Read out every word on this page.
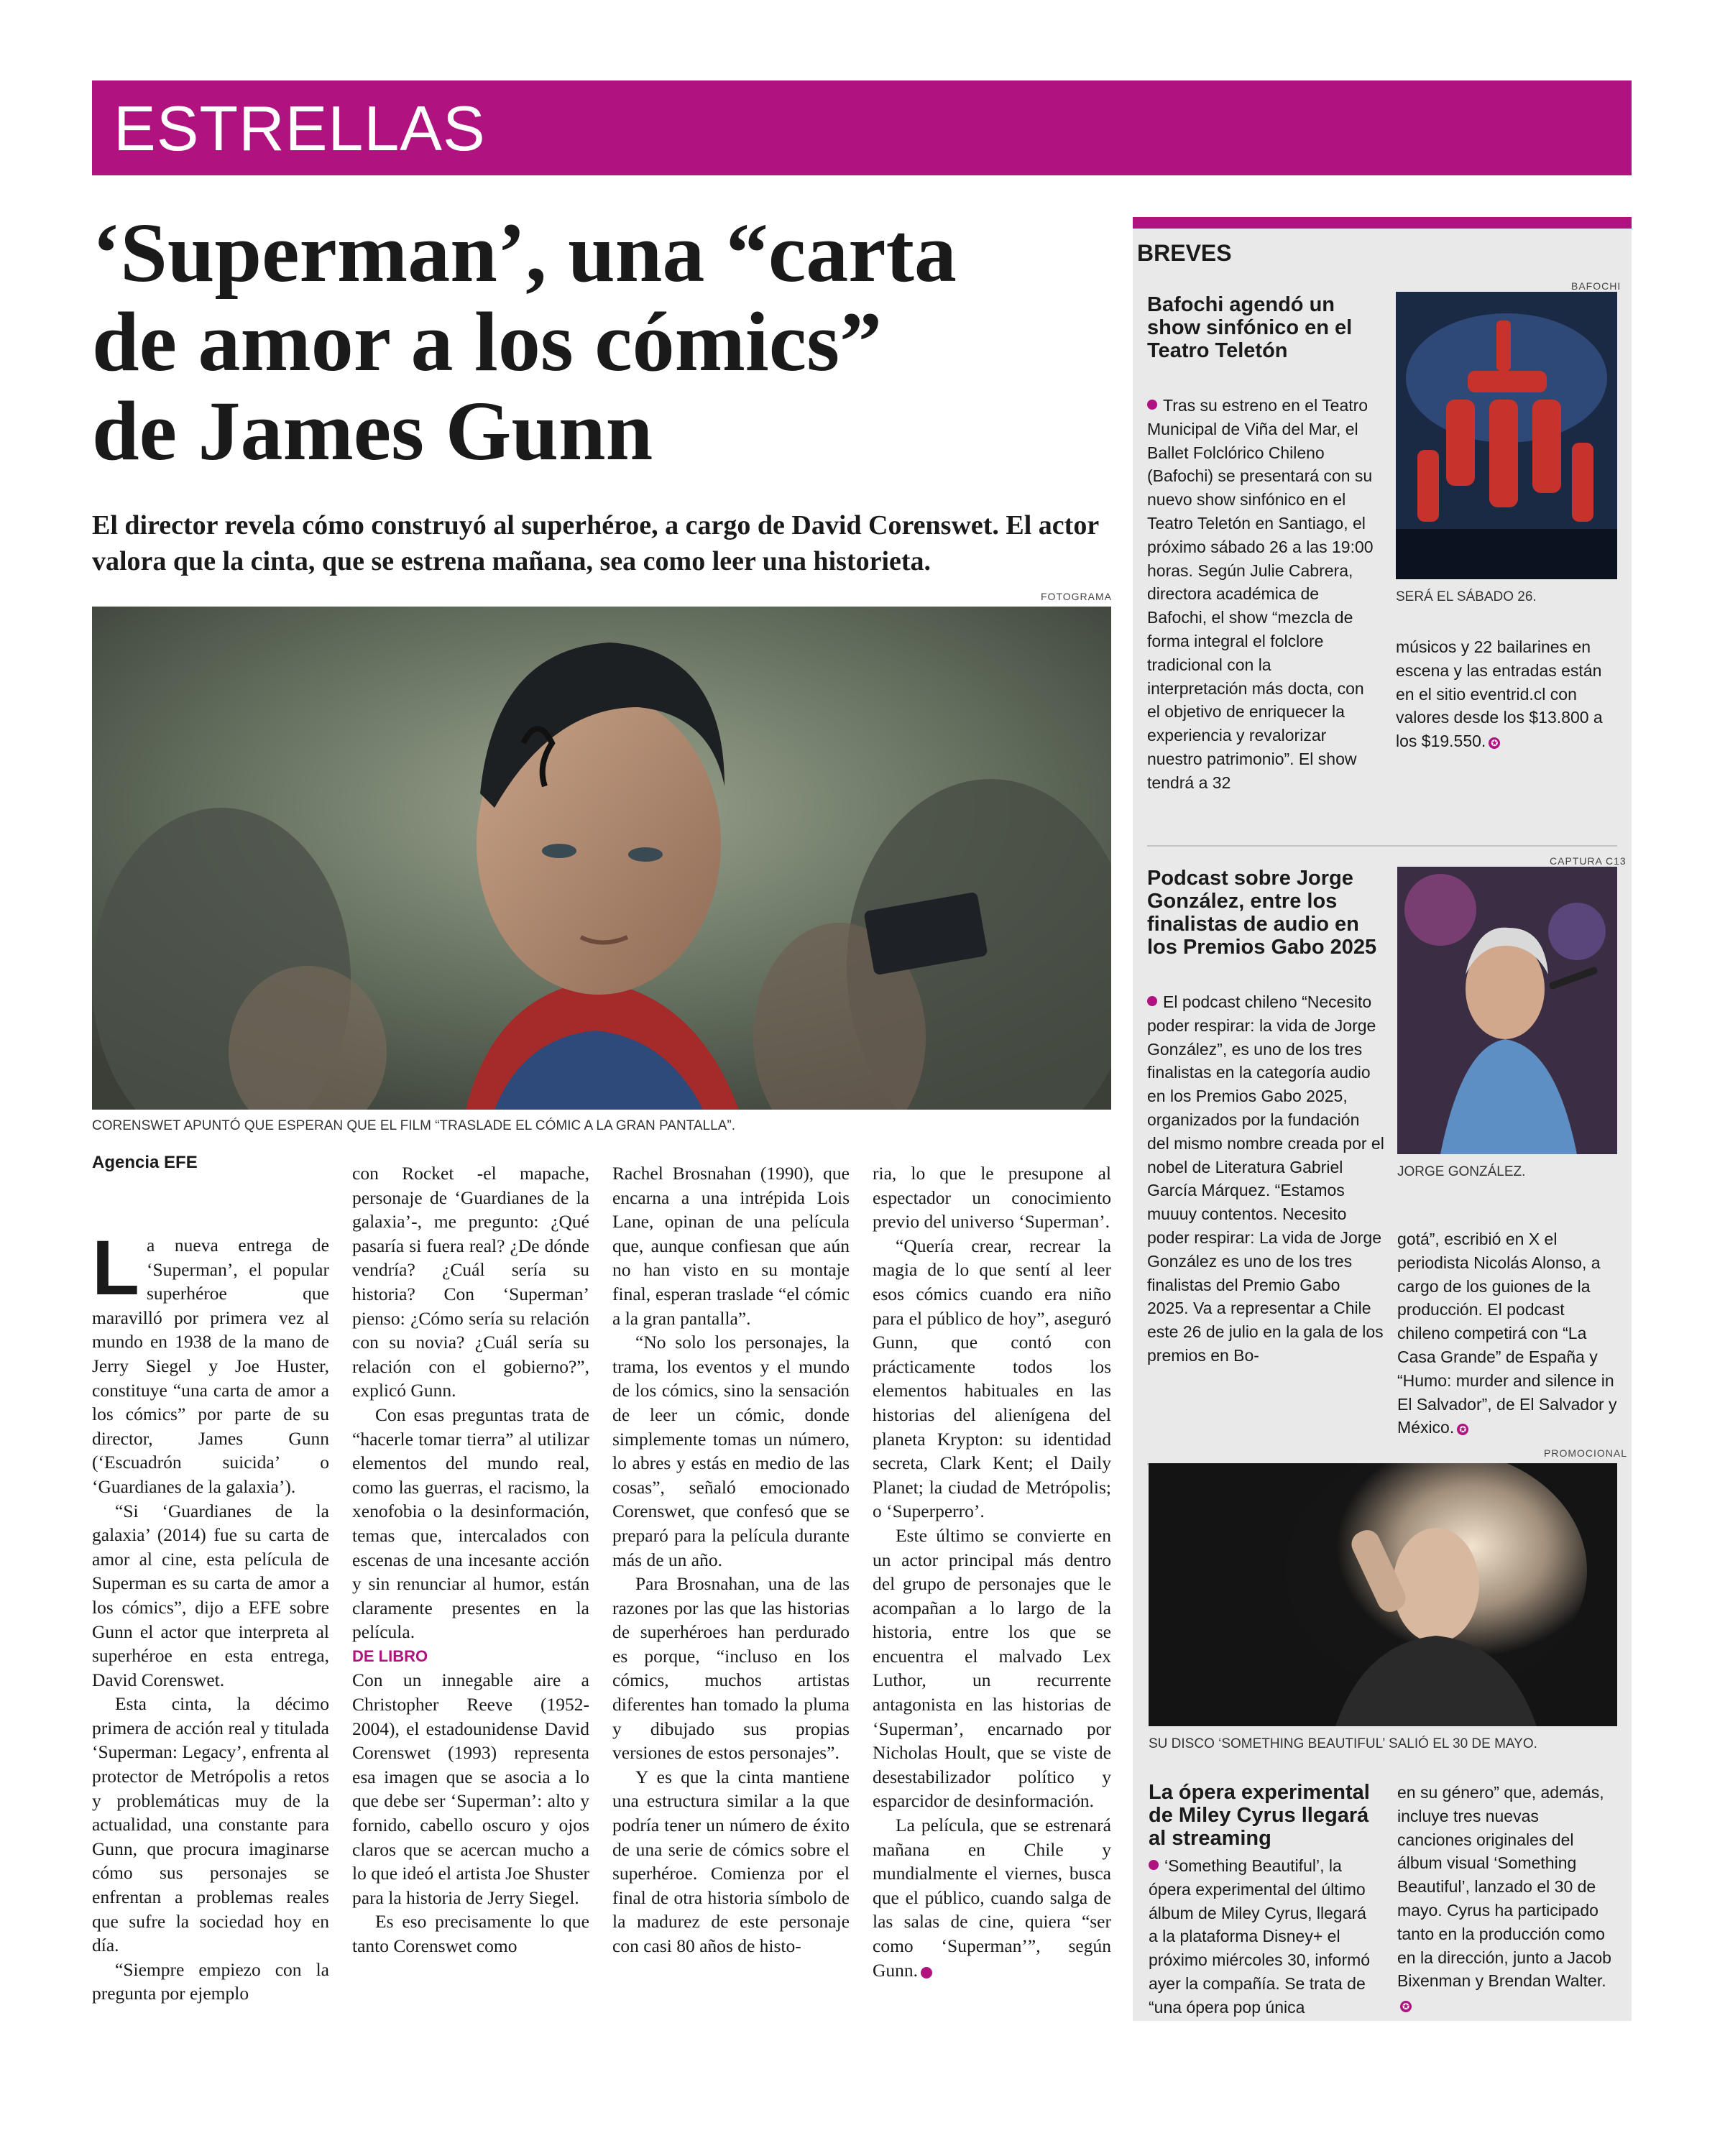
ESTRELLAS
‘Superman’, una “carta
de amor a los cómics”
de James Gunn

El director revela cómo construyó al superhéroe, a cargo de David Corenswet. El actor valora que la cinta, que se estrena mañana, sea como leer una historieta.

FOTOGRAMA
CORENSWET APUNTÓ QUE ESPERAN QUE EL FILM “TRASLADE EL CÓMIC A LA GRAN PANTALLA”.
Agencia EFE

La nueva entrega de ‘Superman’, el popular superhéroe que maravilló por primera vez al mundo en 1938 de la mano de Jerry Siegel y Joe Huster, constituye “una carta de amor a los cómics” por parte de su director, James Gunn (‘Escuadrón suicida’ o ‘Guardianes de la galaxia’).

“Si ‘Guardianes de la galaxia’ (2014) fue su carta de amor al cine, esta película de Superman es su carta de amor a los cómics”, dijo a EFE sobre Gunn el actor que interpreta al superhéroe en esta entrega, David Corenswet.

Esta cinta, la décimo primera de acción real y titulada ‘Superman: Legacy’, enfrenta al protector de Metrópolis a retos y problemáticas muy de la actualidad, una constante para Gunn, que procura imaginarse cómo sus personajes se enfrentan a problemas reales que sufre la sociedad hoy en día.

“Siempre empiezo con la pregunta por ejemplo

con Rocket -el mapache, personaje de ‘Guardianes de la galaxia’-, me pregunto: ¿Qué pasaría si fuera real? ¿De dónde vendría? ¿Cuál sería su historia? Con ‘Superman’ pienso: ¿Cómo sería su relación con su novia? ¿Cuál sería su relación con el gobierno?”, explicó Gunn.

Con esas preguntas trata de “hacerle tomar tierra” al utilizar elementos del mundo real, como las guerras, el racismo, la xenofobia o la desinformación, temas que, intercalados con escenas de una incesante acción y sin renunciar al humor, están claramente presentes en la película.

DE LIBRO

Con un innegable aire a Christopher Reeve (1952-2004), el estadounidense David Corenswet (1993) representa esa imagen que se asocia a lo que debe ser ‘Superman’: alto y fornido, cabello oscuro y ojos claros que se acercan mucho a lo que ideó el artista Joe Shuster para la historia de Jerry Siegel.

Es eso precisamente lo que tanto Corenswet como

Rachel Brosnahan (1990), que encarna a una intrépida Lois Lane, opinan de una película que, aunque confiesan que aún no han visto en su montaje final, esperan traslade “el cómic a la gran pantalla”.

“No solo los personajes, la trama, los eventos y el mundo de los cómics, sino la sensación de leer un cómic, donde simplemente tomas un número, lo abres y estás en medio de las cosas”, señaló emocionado Corenswet, que confesó que se preparó para la película durante más de un año.

Para Brosnahan, una de las razones por las que las historias de superhéroes han perdurado es porque, “incluso en los cómics, muchos artistas diferentes han tomado la pluma y dibujado sus propias versiones de estos personajes”.

Y es que la cinta mantiene una estructura similar a la que podría tener un número de éxito de una serie de cómics sobre el superhéroe. Comienza por el final de otra historia símbolo de la madurez de este personaje con casi 80 años de histo-

ria, lo que le presupone al espectador un conocimiento previo del universo ‘Superman’.

“Quería crear, recrear la magia de lo que sentí al leer esos cómics cuando era niño para el público de hoy”, aseguró Gunn, que contó con prácticamente todos los elementos habituales en las historias del alienígena del planeta Krypton: su identidad secreta, Clark Kent; el Daily Planet; la ciudad de Metrópolis; o ‘Superperro’.

Este último se convierte en un actor principal más dentro del grupo de personajes que le acompañan a lo largo de la historia, entre los que se encuentra el malvado Lex Luthor, un recurrente antagonista en las historias de ‘Superman’, encarnado por Nicholas Hoult, que se viste de desestabilizador político y esparcidor de desinformación.

La película, que se estrenará mañana en Chile y mundialmente el viernes, busca que el público, cuando salga de las salas de cine, quiera “ser como ‘Superman’”, según Gunn.	✪

BREVES
Bafochi agendó un show sinfónico en el Teatro Teletón
BAFOCHI
SERÁ EL SÁBADO 26.

Tras su estreno en el Teatro Municipal de Viña del Mar, el Ballet Folclórico Chileno (Bafochi) se presentará con su nuevo show sinfónico en el Teatro Teletón en Santiago, el próximo sábado 26 a las 19:00 horas. Según Julie Cabrera, directora académica de Bafochi, el show “mezcla de forma integral el folclore tradicional con la interpretación más docta, con el objetivo de enriquecer la experiencia y revalorizar nuestro patrimonio”. El show tendrá a 32

músicos y 22 bailarines en escena y las entradas están en el sitio eventrid.cl con valores desde los $13.800 a los $19.550. ✪

Podcast sobre Jorge González, entre los finalistas de audio en los Premios Gabo 2025
CAPTURA C13
JORGE GONZÁLEZ.

El podcast chileno “Necesito poder respirar: la vida de Jorge González”, es uno de los tres finalistas en la categoría audio en los Premios Gabo 2025, organizados por la fundación del mismo nombre creada por el nobel de Literatura Gabriel García Márquez. “Estamos muuuy contentos. Necesito poder respirar: La vida de Jorge González es uno de los tres finalistas del Premio Gabo 2025. Va a representar a Chile este 26 de julio en la gala de los premios en Bo-

gotá”, escribió en X el periodista Nicolás Alonso, a cargo de los guiones de la producción. El podcast chileno competirá con “La Casa Grande” de España y “Humo: murder and silence in El Salvador”, de El Salvador y México. ✪

PROMOCIONAL
SU DISCO ‘SOMETHING BEAUTIFUL’ SALIÓ EL 30 DE MAYO.
La ópera experimental de Miley Cyrus llegará al streaming

‘Something Beautiful’, la ópera experimental del último álbum de Miley Cyrus, llegará a la plataforma Disney+ el próximo miércoles 30, informó ayer la compañía. Se trata de “una ópera pop única

en su género” que, además, incluye tres nuevas canciones originales del álbum visual ‘Something Beautiful’, lanzado el 30 de mayo. Cyrus ha participado tanto en la producción como en la dirección, junto a Jacob Bixenman y Brendan Walter.✪
